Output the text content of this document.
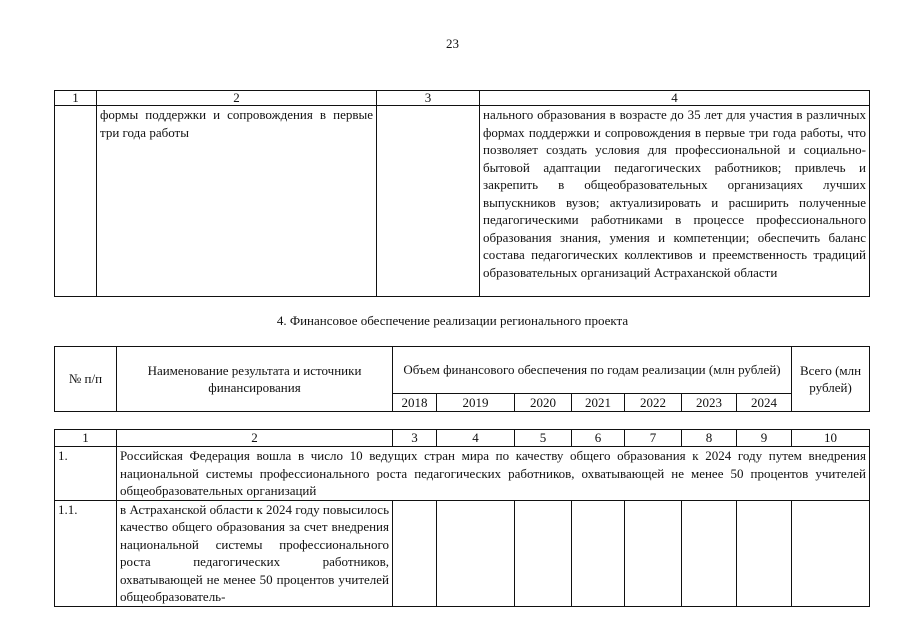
23
1	2	3	4
	формы поддержки и сопровождения в первые три года работы		нального образования в возрасте до 35 лет для участия в различных формах поддержки и сопровождения в первые три года работы, что позволяет создать условия для профессиональной и социально-бытовой адаптации педагогических работников; привлечь и закрепить в общеобразовательных организациях лучших выпускников вузов; актуализировать и расширить полученные педагогическими работниками в процессе профессионального образования знания, умения и компетенции; обеспечить баланс состава педагогических коллективов и преемственность традиций образовательных организаций Астраханской области
4. Финансовое обеспечение реализации регионального проекта
№ п/п	Наименование результата и источники финансирования	Объем финансового обеспечения по годам реализации (млн рублей)							Всего (млн рублей)
		2018	2019	2020	2021	2022	2023	2024	
1	2	3	4	5	6	7	8	9	10
1.	Российская Федерация вошла в число 10 ведущих стран мира по качеству общего образования к 2024 году путем внедрения национальной системы профессионального роста педагогических работников, охватывающей не менее 50 процентов учителей общеобразовательных организаций								
1.1.	в Астраханской области к 2024 году повысилось качество общего образования за счет внедрения национальной системы профессионального роста педагогических работников, охватывающей не менее 50 процентов учителей общеобразователь-								
